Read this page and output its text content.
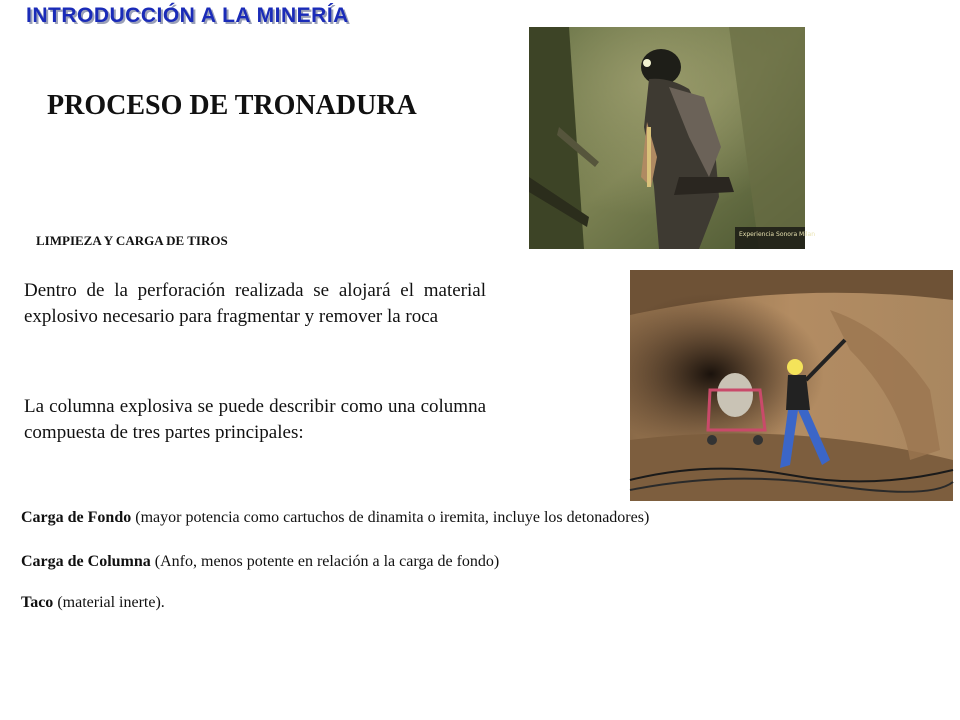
INTRODUCCIÓN A LA MINERÍA
PROCESO DE TRONADURA
Experiencia Sonora Milan
LIMPIEZA Y CARGA DE TIROS

Dentro de la perforación realizada se alojará el material explosivo necesario para fragmentar y remover la roca

La columna explosiva se puede describir como una columna compuesta de tres partes principales:

Carga de Fondo (mayor potencia como cartuchos de dinamita o iremita, incluye los detonadores)
Carga de Columna (Anfo, menos potente en relación a la carga de fondo)
Taco (material inerte).
